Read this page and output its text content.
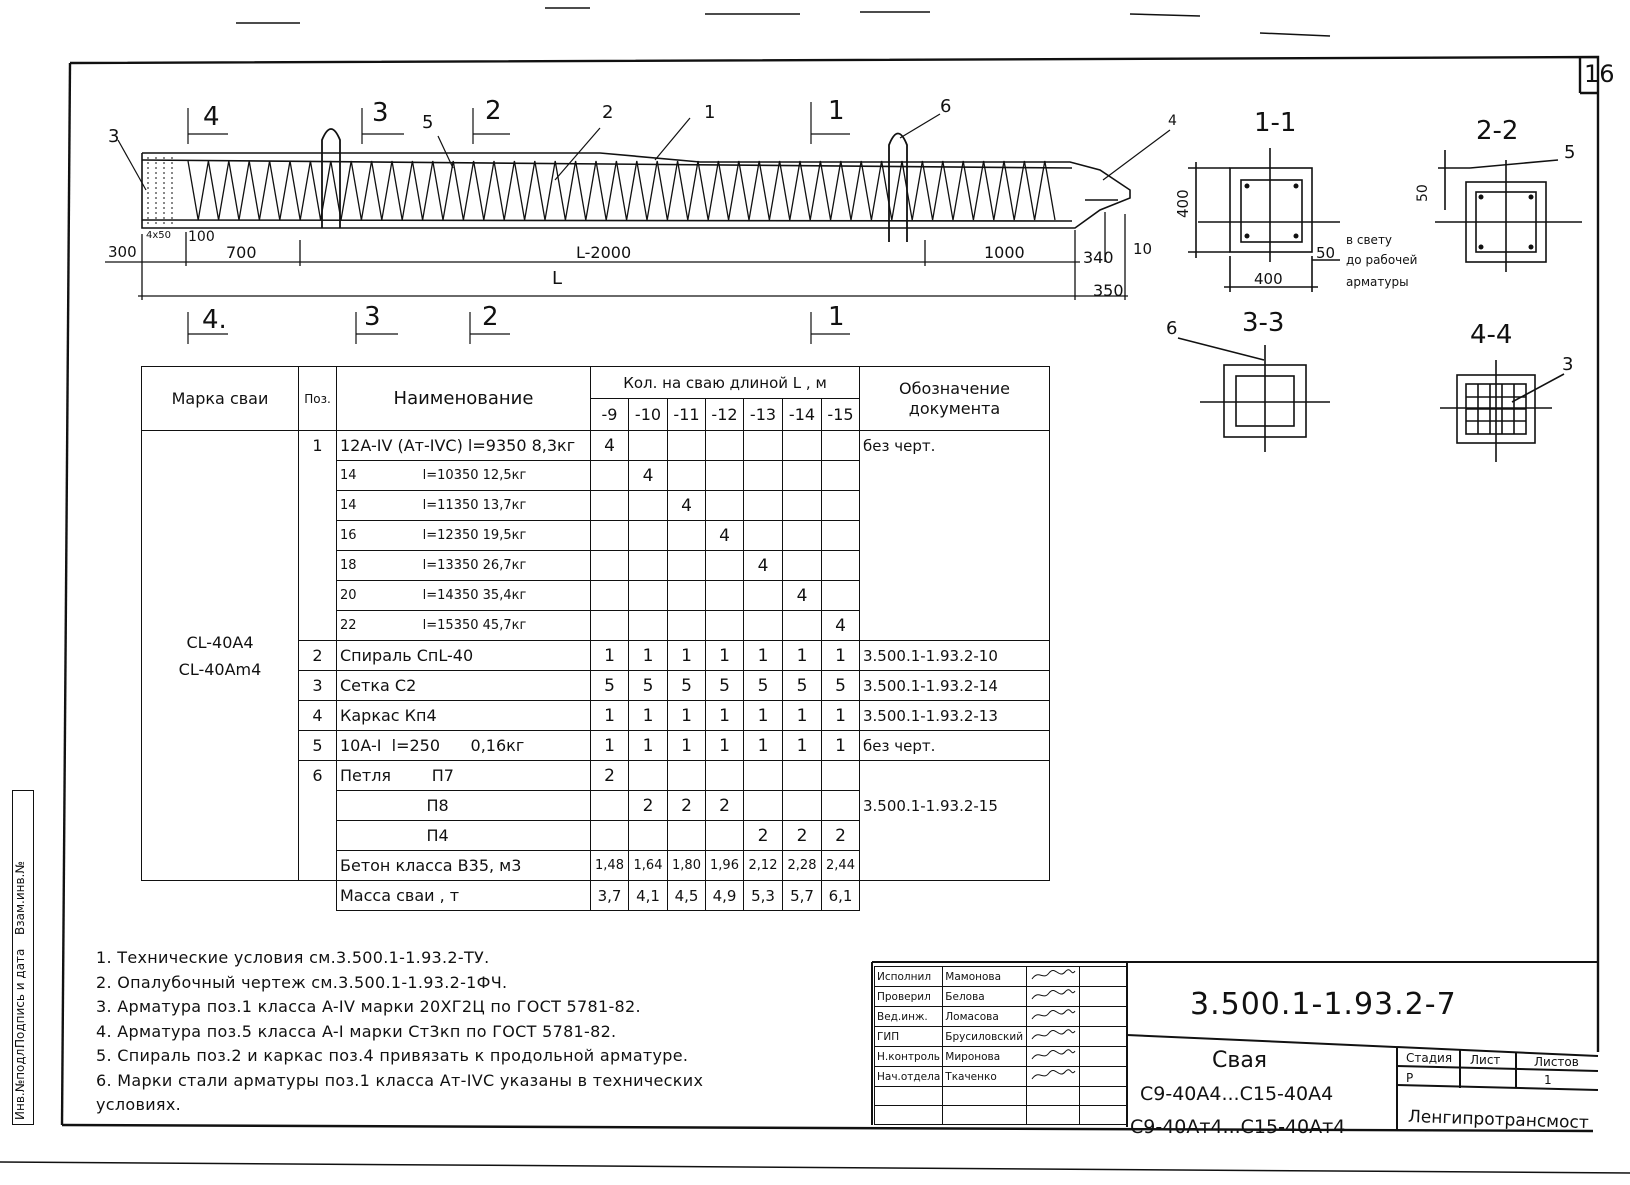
16
3
4	3 5 2	2	1	1	6
4
300
4x50 100
700	L-2000	1000	340 10
L
350
4.	3	2	1
1-1
400
400
50
в свету
до рабочей
арматуры
2-2
50
5
3-3
6	4-4
3
Марка сваи	Поз.	Наименование	Кол. на сваю длиной L , м							Обозначение документа
			-9	-10	-11	-12	-13	-14	-15	

CL-40A4
CL-40Am4	1	12A-IV (Aт-IVC) l=9350 8,3кг	4							без черт.
		14                l=10350 12,5кг		4						
		14                l=11350 13,7кг			4					
		16                l=12350 19,5кг				4				
		18                l=13350 26,7кг					4			
		20                l=14350 35,4кг						4		
		22                l=15350 45,7кг							4	
	2	Спираль СпL-40	1	1	1	1	1	1	1	3.500.1-1.93.2-10
	3	Сетка С2	5	5	5	5	5	5	5	3.500.1-1.93.2-14
	4	Каркас Кп4	1	1	1	1	1	1	1	3.500.1-1.93.2-13
	5	10A-I  l=250      0,16кг	1	1	1	1	1	1	1	без черт.
	6	Петля        П7	2							
		П8		2	2	2				3.500.1-1.93.2-15
		П4					2	2	2	
		Бетон класса В35, м3	1,48	1,64	1,80	1,96	2,12	2,28	2,44	
		Масса сваи , т	3,7	4,1	4,5	4,9	5,3	5,7	6,1	
1. Технические условия см.3.500.1-1.93.2-ТУ.
2. Опалубочный чертеж см.3.500.1-1.93.2-1ФЧ.
3. Арматура поз.1 класса A-IV марки 20ХГ2Ц по ГОСТ 5781-82.
4. Арматура поз.5 класса A-I марки Ст3кп по ГОСТ 5781-82.
5. Спираль поз.2 и каркас поз.4 привязать к продольной арматуре.
6. Марки стали арматуры поз.1 класса Aт-IVC указаны в технических
условиях.
Исполнил	Мамонова		
Проверил	Белова		
Вед.инж.	Ломасова		
ГИП	Брусиловский		
Н.контроль	Миронова		
Нач.отдела	Ткаченко		

3.500.1-1.93.2-7
Свая
С9-40А4...С15-40А4
С9-40Ат4...С15-40Ат4
Стадия Лист	Листов
Р	1
Ленгипротрансмост
Инв.№подл.
Подпись и дата
Взам.инв.№
